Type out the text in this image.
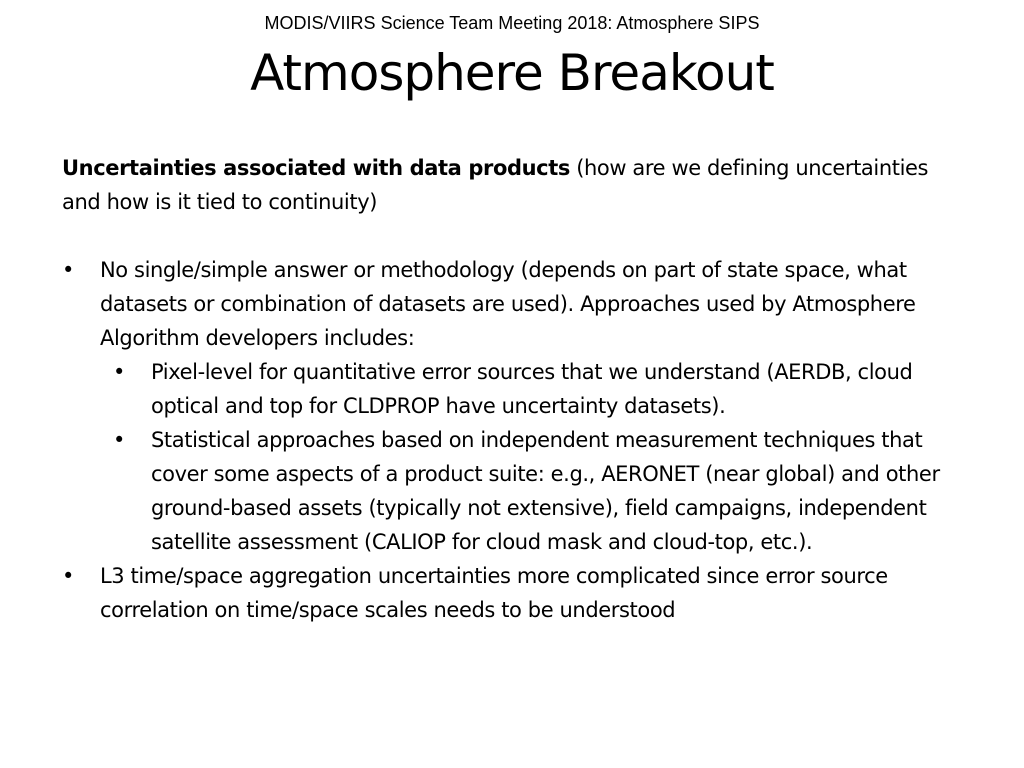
MODIS/VIIRS Science Team Meeting 2018: Atmosphere SIPS
Atmosphere Breakout

Uncertainties associated with data products (how are we defining uncertainties and how is it tied to continuity)

• No single/simple answer or methodology (depends on part of state space, what datasets or combination of datasets are used). Approaches used by Atmosphere Algorithm developers includes:
• Pixel-level for quantitative error sources that we understand (AERDB, cloud optical and top for CLDPROP have uncertainty datasets).
• Statistical approaches based on independent measurement techniques that cover some aspects of a product suite: e.g., AERONET (near global) and other ground-based assets (typically not extensive), field campaigns, independent satellite assessment (CALIOP for cloud mask and cloud-top, etc.).
• L3 time/space aggregation uncertainties more complicated since error source correlation on time/space scales needs to be understood
